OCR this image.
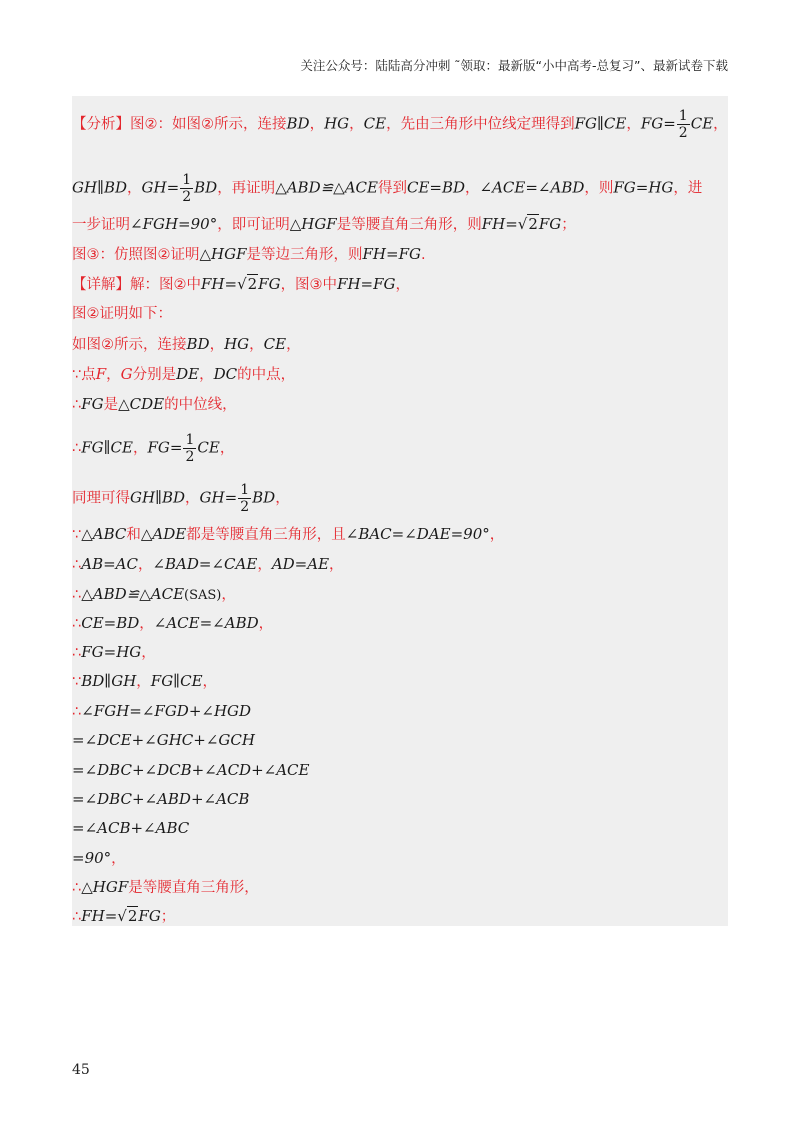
关注公众号：陆陆高分冲刺 ˜领取：最新版“小中高考-总复习”、最新试卷下载
【分析】图②：如图②所示，连接BD，HG，CE，先由三角形中位线定理得到FG∥CE，$FG= \frac{1}{2}$ CE，
GH∥BD，$GH= \frac{1}{2}$ BD，再证明△ABD≌△ACE得到CE=BD，∠ACE=∠ABD，则FG=HG，进
一步证明∠FGH=90°，即可证明△HGF是等腰直角三角形，则FH=√2FG；
图③：仿照图②证明△HGF是等边三角形，则FH=FG.
【详解】解：图②中FH=√2FG，图③中FH=FG，
图②证明如下：
如图②所示，连接BD，HG，CE，
∵点F，G分别是DE，DC的中点，
∴FG是△CDE的中位线，
∴FG∥CE，$FG= \frac{1}{2}$ CE，
同理可得GH∥BD，$GH= \frac{1}{2}$ BD，
∵△ABC和△ADE都是等腰直角三角形，且∠BAC=∠DAE=90°，
∴AB=AC，∠BAD=∠CAE，AD=AE，
∴△ABD≌△ACE(SAS)，
∴CE=BD，∠ACE=∠ABD，
∴FG=HG，
∵BD∥GH，FG∥CE，
∴∠FGH=∠FGD+∠HGD
=∠DCE+∠GHC+∠GCH
=∠DBC+∠DCB+∠ACD+∠ACE
=∠DBC+∠ABD+∠ACB
=∠ACB+∠ABC
=90°，
∴△HGF是等腰直角三角形，
∴FH=√2FG；
45
